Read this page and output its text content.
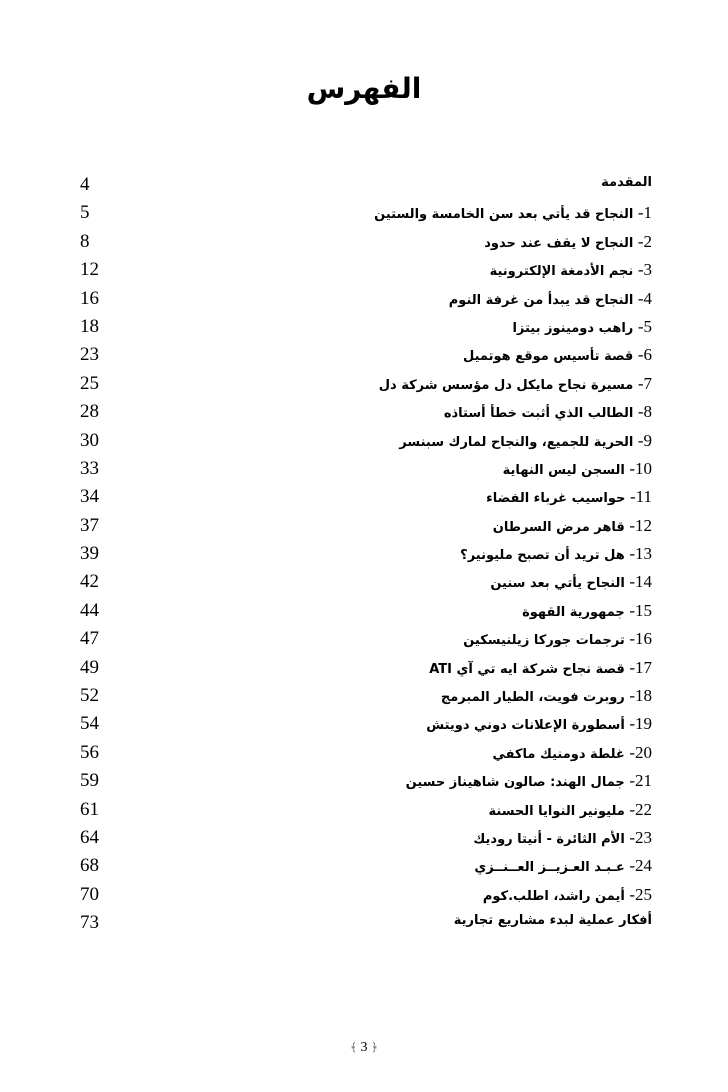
الفهرس
4	المقدمة
5	1- النجاح قد يأتي بعد سن الخامسة والستين
8	2- النجاح لا يقف عند حدود
12	3- نجم الأدمغة الإلكترونية
16	4- النجاح قد يبدأ من غرفة النوم
18	5- راهب دومينوز بيتزا
23	6- قصة تأسيس موقع هوتميل
25	7- مسيرة نجاح مايكل دل مؤسس شركة دل
28	8- الطالب الذي أثبت خطأ أستاذه
30	9- الحرية للجميع، والنجاح لمارك سبنسر
33	10- السجن ليس النهاية
34	11- حواسيب غرباء الفضاء
37	12- قاهر مرض السرطان
39	13- هل تريد أن تصبح مليونير؟
42	14- النجاح يأتي بعد سنين
44	15- جمهورية القهوة
47	16- ترجمات جوركا زيلنيسكين
49	17- قصة نجاح شركة ايه تي آي ATI
52	18- روبرت فويت، الطيار المبرمج
54	19- أسطورة الإعلانات دوني دويتش
56	20- غلطة دومنيك ماكفي
59	21- جمال الهند: صالون شاهيناز حسين
61	22- مليونير النوايا الحسنة
64	23- الأم الثائرة - أنيتا روديك
68	24- عـبـد العـزيــز العــنــزي
70	25- أيمن راشد، اطلب.كوم
73	أفكار عملية لبدء مشاريع تجارية
﴾ 3 ﴿
